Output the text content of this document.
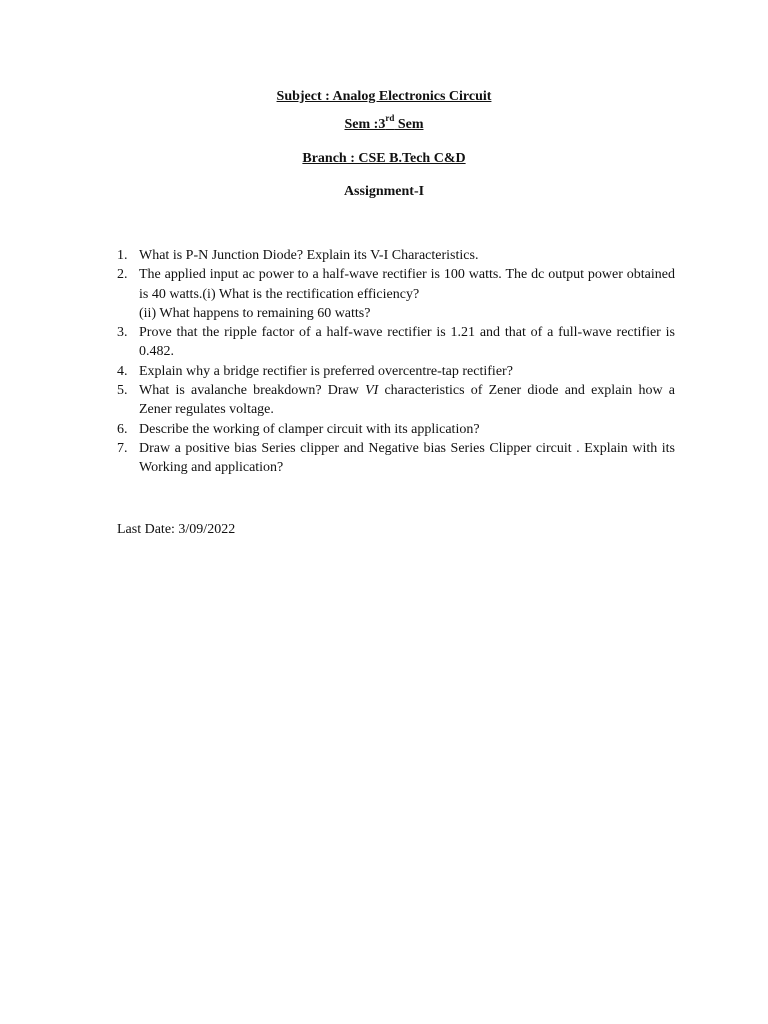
Subject : Analog Electronics Circuit
Sem :3rd Sem
Branch : CSE B.Tech C&D
Assignment-I
1. What is P-N Junction Diode? Explain its V-I Characteristics.
2. The applied input ac power to a half-wave rectifier is 100 watts. The dc output power obtained is 40 watts.(i) What is the rectification efficiency?
(ii) What happens to remaining 60 watts?
3. Prove that the ripple factor of a half-wave rectifier is 1.21 and that of a full-wave rectifier is 0.482.
4. Explain why a bridge rectifier is preferred overcentre-tap rectifier?
5. What is avalanche breakdown? Draw VI characteristics of Zener diode and explain how a Zener regulates voltage.
6. Describe the working of clamper circuit with its application?
7. Draw a positive bias Series clipper and Negative bias Series Clipper circuit . Explain with its Working and application?
Last Date: 3/09/2022
